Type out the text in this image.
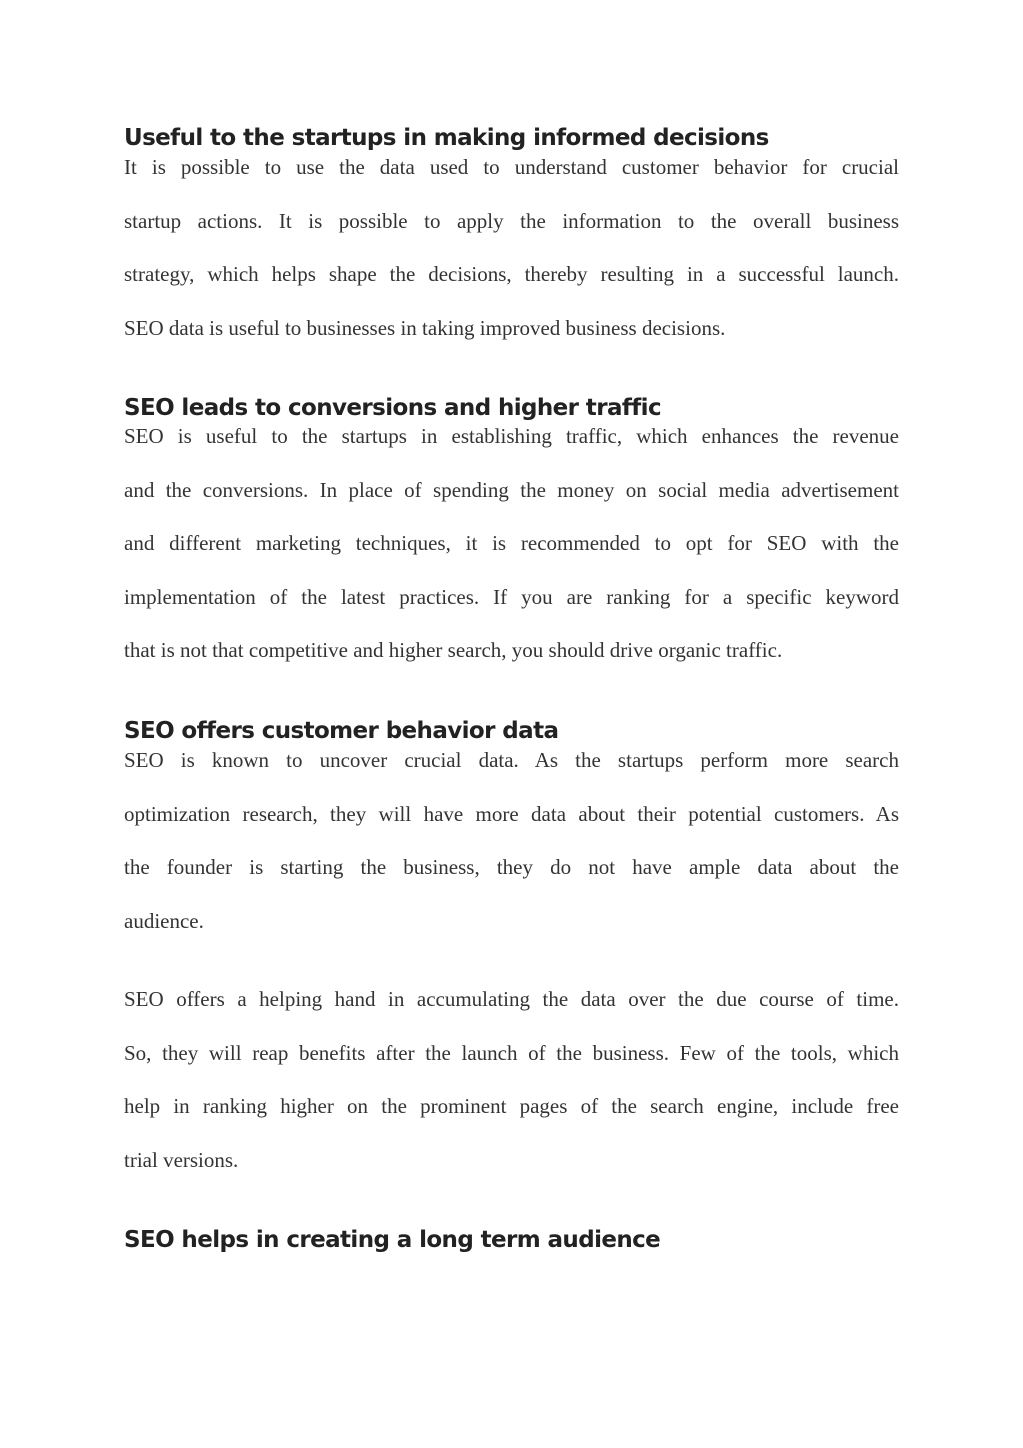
Useful to the startups in making informed decisions
It is possible to use the data used to understand customer behavior for crucial
startup actions. It is possible to apply the information to the overall business
strategy, which helps shape the decisions, thereby resulting in a successful launch.
SEO data is useful to businesses in taking improved business decisions.
SEO leads to conversions and higher traffic
SEO is useful to the startups in establishing traffic, which enhances the revenue
and the conversions. In place of spending the money on social media advertisement
and different marketing techniques, it is recommended to opt for SEO with the
implementation of the latest practices. If you are ranking for a specific keyword
that is not that competitive and higher search, you should drive organic traffic.
SEO offers customer behavior data
SEO is known to uncover crucial data. As the startups perform more search
optimization research, they will have more data about their potential customers. As
the founder is starting the business, they do not have ample data about the
audience.
SEO offers a helping hand in accumulating the data over the due course of time.
So, they will reap benefits after the launch of the business. Few of the tools, which
help in ranking higher on the prominent pages of the search engine, include free
trial versions.
SEO helps in creating a long term audience
